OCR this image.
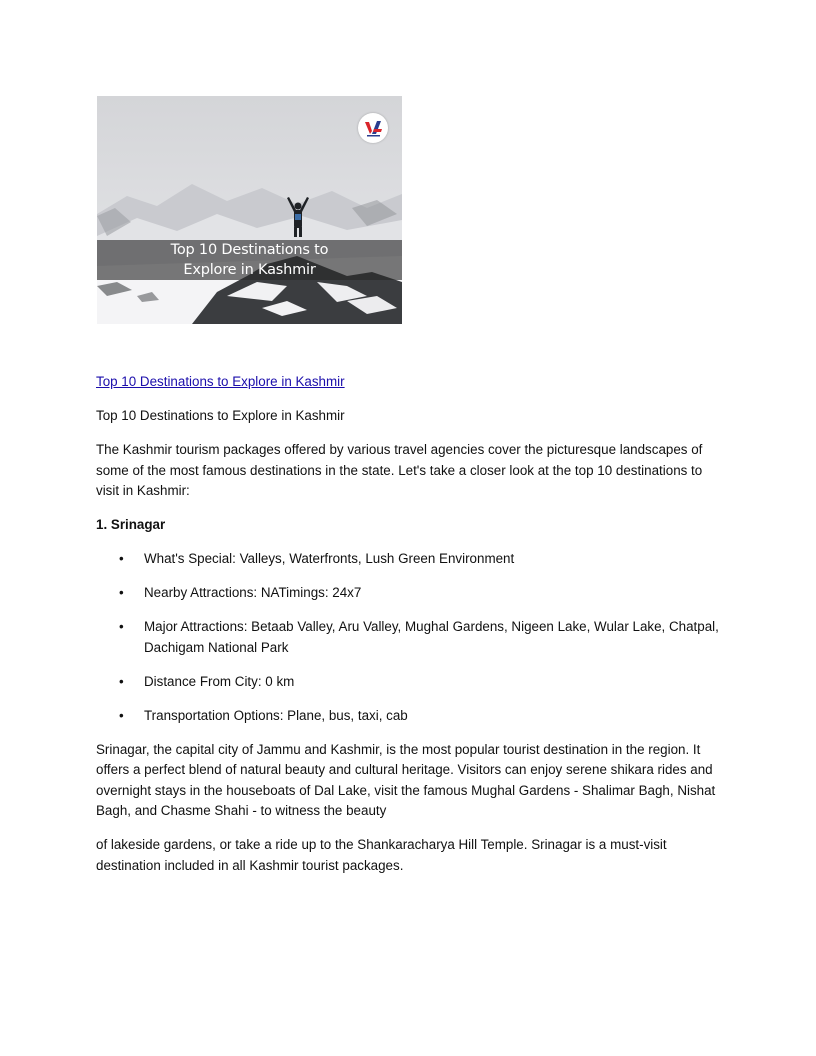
Top 10 Destinations to
Explore in Kashmir

Top 10 Destinations to Explore in Kashmir

Top 10 Destinations to Explore in Kashmir

The Kashmir tourism packages offered by various travel agencies cover the picturesque landscapes of some of the most famous destinations in the state. Let's take a closer look at the top 10 destinations to visit in Kashmir:

1. Srinagar

• What's Special: Valleys, Waterfronts, Lush Green Environment
• Nearby Attractions: NATimings: 24x7
• Major Attractions: Betaab Valley, Aru Valley, Mughal Gardens, Nigeen Lake, Wular Lake, Chatpal, Dachigam National Park
• Distance From City: 0 km
• Transportation Options: Plane, bus, taxi, cab

Srinagar, the capital city of Jammu and Kashmir, is the most popular tourist destination in the region. It offers a perfect blend of natural beauty and cultural heritage. Visitors can enjoy serene shikara rides and overnight stays in the houseboats of Dal Lake, visit the famous Mughal Gardens - Shalimar Bagh, Nishat Bagh, and Chasme Shahi - to witness the beauty

of lakeside gardens, or take a ride up to the Shankaracharya Hill Temple. Srinagar is a must-visit destination included in all Kashmir tourist packages.
